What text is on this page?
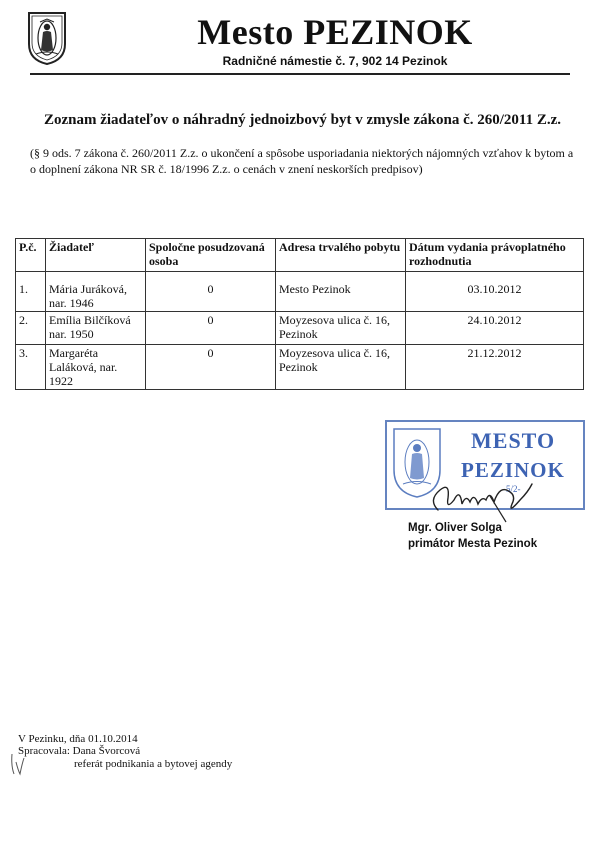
Mesto PEZINOK
Radničné námestie č. 7, 902 14 Pezinok
Zoznam žiadateľov o náhradný jednoizbový byt v zmysle zákona č. 260/2011 Z.z.
(§ 9 ods. 7 zákona č. 260/2011 Z.z. o ukončení a spôsobe usporiadania niektorých nájomných vzťahov k bytom a o doplnení zákona NR SR č. 18/1996 Z.z. o cenách v znení neskorších predpisov)
P.č.	Žiadateľ	Spoločne posudzovaná osoba	Adresa trvalého pobytu	Dátum vydania právoplatného rozhodnutia
1.	Mária Juráková, nar. 1946	0	Mesto Pezinok	03.10.2012
2.	Emília Bilčíková nar. 1950	0	Moyzesova ulica č. 16, Pezinok	24.10.2012
3.	Margaréta Laláková, nar. 1922	0	Moyzesova ulica č. 16, Pezinok	21.12.2012
MESTO
PEZINOK
-5/2-
Mgr. Oliver Solga
primátor Mesta Pezinok
V Pezinku, dňa 01.10.2014
Spracovala: Dana Švorcová
referát podnikania a bytovej agendy
